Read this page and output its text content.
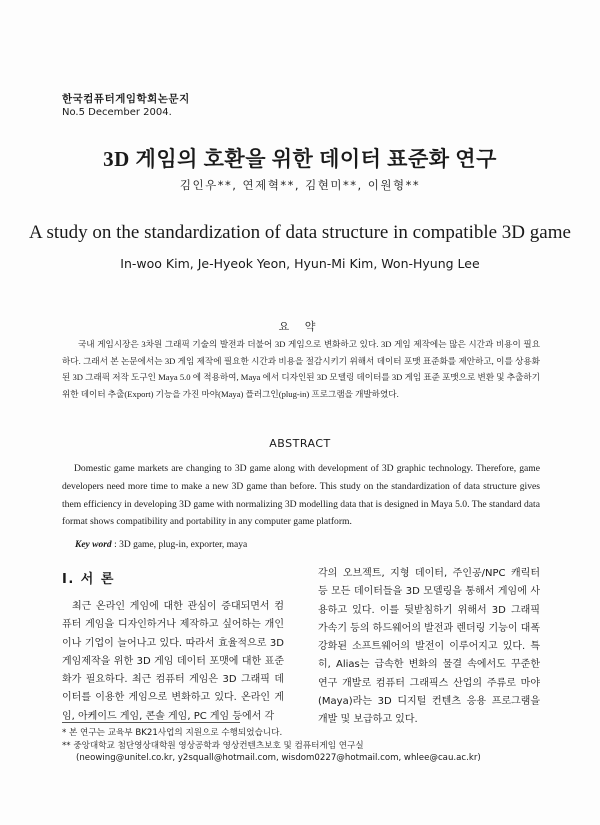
한국컴퓨터게임학회논문지
No.5 December 2004.
3D 게임의 호환을 위한 데이터 표준화 연구
김인우**, 연제혁**, 김현미**, 이원형**
A study on the standardization of data structure in compatible 3D game
In-woo Kim, Je-Hyeok Yeon, Hyun-Mi Kim, Won-Hyung Lee
요 약

국내 게임시장은 3차원 그래픽 기술의 발전과 더불어 3D 게임으로 변화하고 있다. 3D 게임 제작에는 많은 시간과 비용이 필요하다. 그래서 본 논문에서는 3D 게임 제작에 필요한 시간과 비용을 절감시키기 위해서 데이터 포맷 표준화를 제안하고, 이를 상용화된 3D 그래픽 저작 도구인 Maya 5.0 에 적용하여, Maya 에서 디자인된 3D 모델링 데이터를 3D 게임 표준 포맷으로 변환 및 추출하기 위한 데이터 추출(Export) 기능을 가진 마야(Maya) 플러그인(plug-in) 프로그램을 개발하였다.

ABSTRACT

Domestic game markets are changing to 3D game along with development of 3D graphic technology. Therefore, game developers need more time to make a new 3D game than before. This study on the standardization of data structure gives them efficiency in developing 3D game with normalizing 3D modelling data that is designed in Maya 5.0. The standard data format shows compatibility and portability in any computer game platform.

Key word : 3D game, plug-in, exporter, maya
Ⅰ. 서 론

최근 온라인 게임에 대한 관심이 증대되면서 컴퓨터 게임을 디자인하거나 제작하고 싶어하는 개인이나 기업이 늘어나고 있다. 따라서 효율적으로 3D 게임제작을 위한 3D 게임 데이터 포맷에 대한 표준화가 필요하다. 최근 컴퓨터 게임은 3D 그래픽 데이터를 이용한 게임으로 변화하고 있다. 온라인 게임, 아케이드 게임, 콘솔 게임, PC 게임 등에서 각

각의 오브젝트, 지형 데이터, 주인공/NPC 캐릭터 등 모든 데이터들을 3D 모델링을 통해서 게임에 사용하고 있다. 이를 뒷받침하기 위해서 3D 그래픽 가속기 등의 하드웨어의 발전과 렌더링 기능이 대폭 강화된 소프트웨어의 발전이 이루어지고 있다. 특히, Alias는 급속한 변화의 물결 속에서도 꾸준한 연구 개발로 컴퓨터 그래픽스 산업의 주류로 마야(Maya)라는 3D 디지털 컨텐츠 응용 프로그램을 개발 및 보급하고 있다.

* 본 연구는 교육부 BK21사업의 지원으로 수행되었습니다.
** 중앙대학교 첨단영상대학원 영상공학과 영상컨텐츠보호 및 컴퓨터게임 연구실
(neowing@unitel.co.kr, y2squall@hotmail.com, wisdom0227@hotmail.com, whlee@cau.ac.kr)
